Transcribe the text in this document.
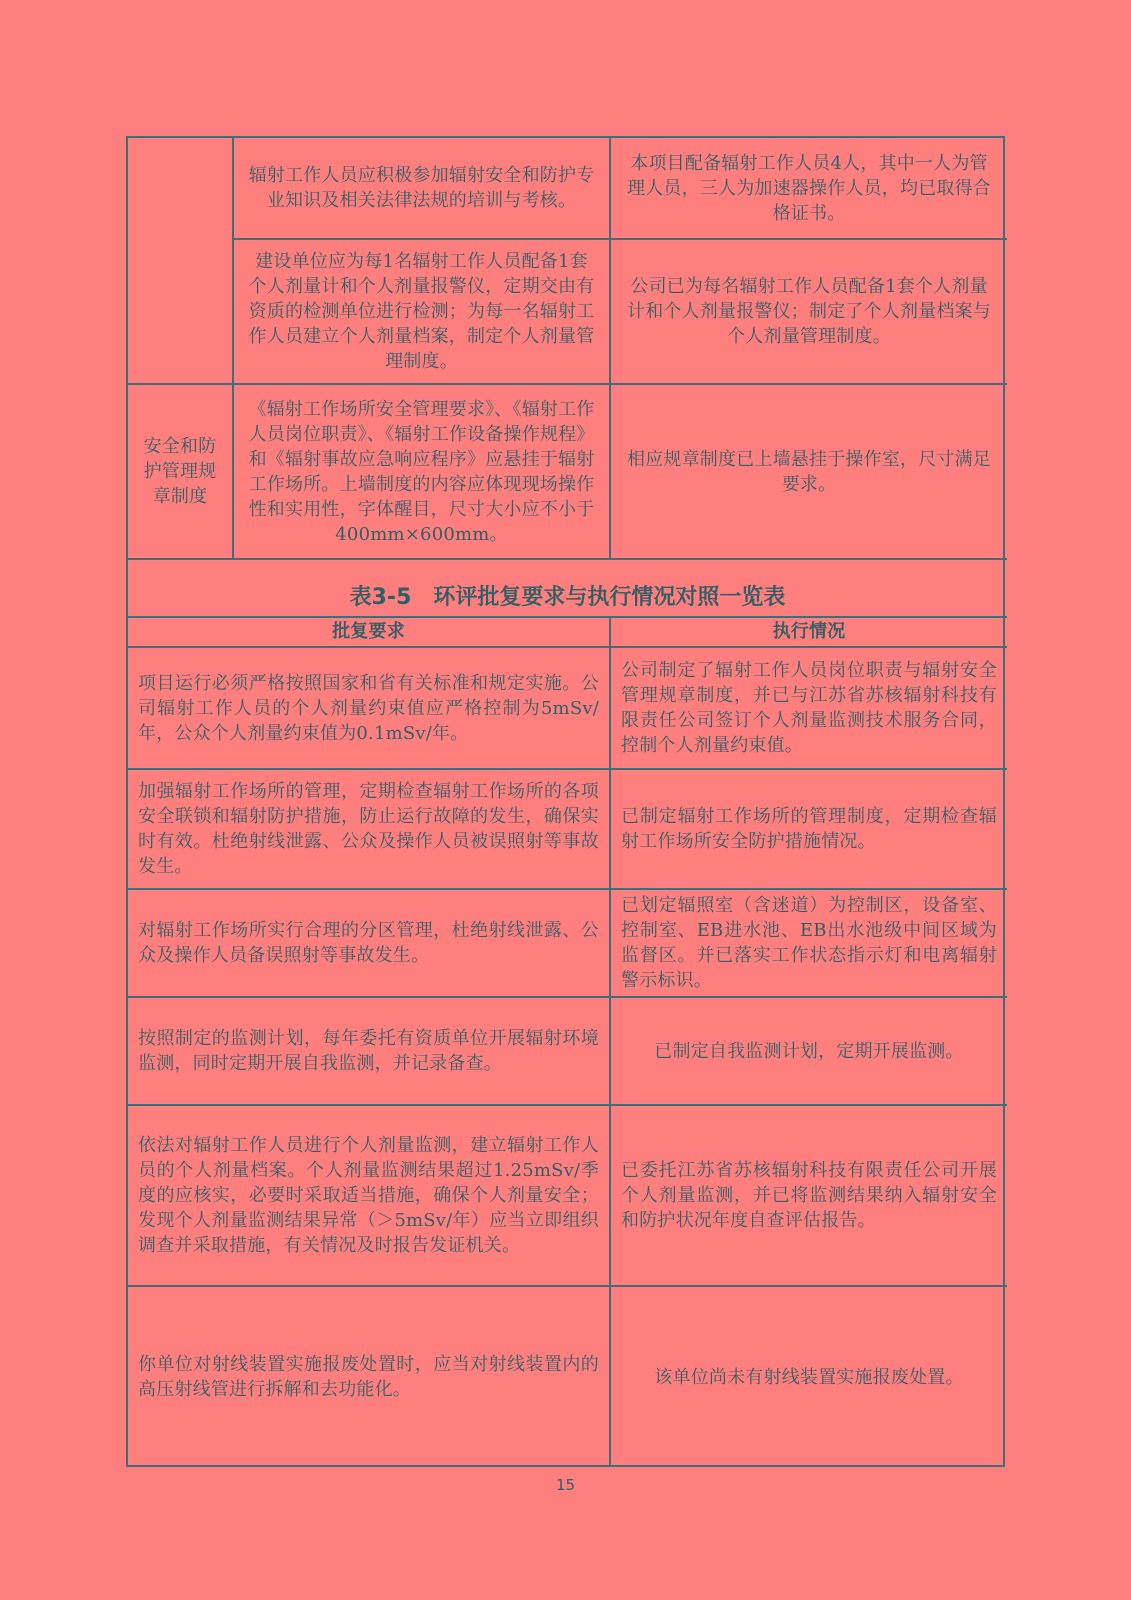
辐射工作人员应积极参加辐射安全和防护专业知识及相关法律法规的培训与考核。
本项目配备辐射工作人员4人，其中一人为管理人员，三人为加速器操作人员，均已取得合格证书。
建设单位应为每1名辐射工作人员配备1套个人剂量计和个人剂量报警仪，定期交由有资质的检测单位进行检测；为每一名辐射工作人员建立个人剂量档案，制定个人剂量管理制度。
公司已为每名辐射工作人员配备1套个人剂量计和个人剂量报警仪；制定了个人剂量档案与个人剂量管理制度。
安全和防护管理规章制度
《辐射工作场所安全管理要求》、《辐射工作人员岗位职责》、《辐射工作设备操作规程》和《辐射事故应急响应程序》应悬挂于辐射工作场所。上墙制度的内容应体现现场操作性和实用性，字体醒目，尺寸大小应不小于400mm×600mm。
相应规章制度已上墙悬挂于操作室，尺寸满足要求。
表3-5　环评批复要求与执行情况对照一览表
批复要求	执行情况
项目运行必须严格按照国家和省有关标准和规定实施。公司辐射工作人员的个人剂量约束值应严格控制为5mSv/年，公众个人剂量约束值为0.1mSv/年。
公司制定了辐射工作人员岗位职责与辐射安全管理规章制度，并已与江苏省苏核辐射科技有限责任公司签订个人剂量监测技术服务合同，控制个人剂量约束值。
加强辐射工作场所的管理，定期检查辐射工作场所的各项安全联锁和辐射防护措施，防止运行故障的发生，确保实时有效。杜绝射线泄露、公众及操作人员被误照射等事故发生。
已制定辐射工作场所的管理制度，定期检查辐射工作场所安全防护措施情况。
对辐射工作场所实行合理的分区管理，杜绝射线泄露、公众及操作人员备误照射等事故发生。
已划定辐照室（含迷道）为控制区，设备室、控制室、EB进水池、EB出水池级中间区域为监督区。并已落实工作状态指示灯和电离辐射警示标识。
按照制定的监测计划，每年委托有资质单位开展辐射环境监测，同时定期开展自我监测，并记录备查。
已制定自我监测计划，定期开展监测。
依法对辐射工作人员进行个人剂量监测，建立辐射工作人员的个人剂量档案。个人剂量监测结果超过1.25mSv/季度的应核实，必要时采取适当措施，确保个人剂量安全；发现个人剂量监测结果异常（＞5mSv/年）应当立即组织调查并采取措施，有关情况及时报告发证机关。
已委托江苏省苏核辐射科技有限责任公司开展个人剂量监测，并已将监测结果纳入辐射安全和防护状况年度自查评估报告。
你单位对射线装置实施报废处置时，应当对射线装置内的高压射线管进行拆解和去功能化。
该单位尚未有射线装置实施报废处置。
15
